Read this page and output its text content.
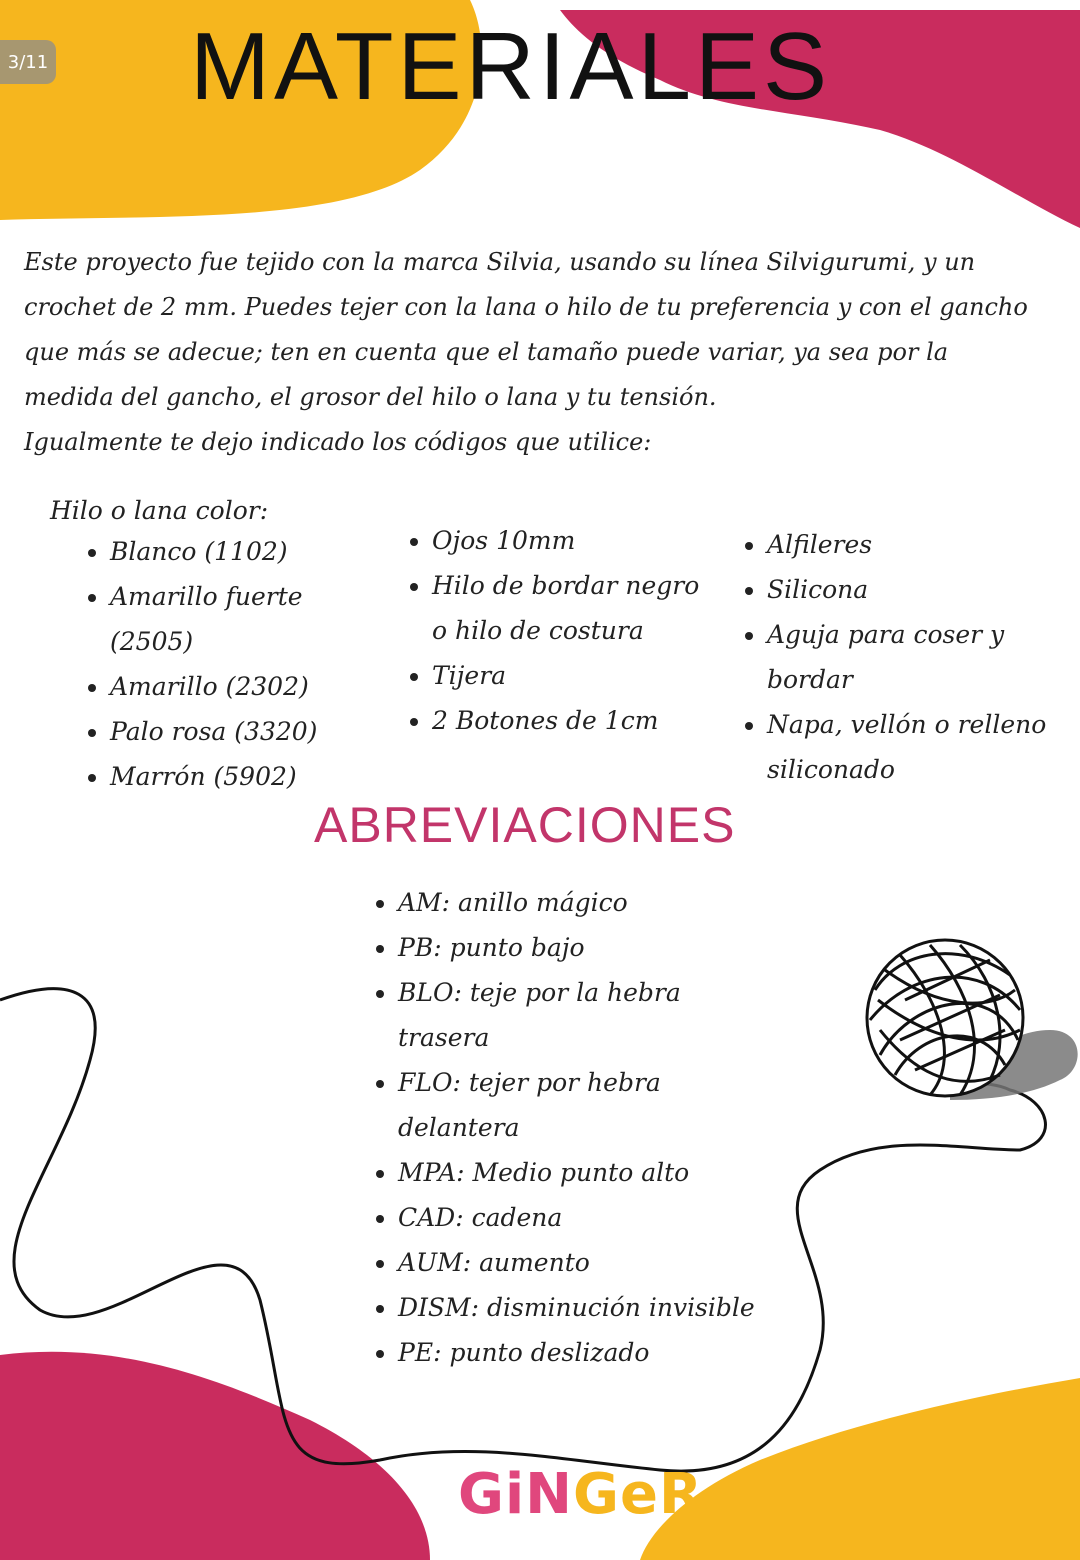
3/11 MATERIALES

Este proyecto fue tejido con la marca Silvia, usando su línea Silvigurumi, y un crochet de 2 mm. Puedes tejer con la lana o hilo de tu preferencia y con el gancho que más se adecue; ten en cuenta que el tamaño puede variar, ya sea por la medida del gancho, el grosor del hilo o lana y tu tensión.

Igualmente te dejo indicado los códigos que utilice:

Hilo o lana color:
• Blanco (1102)
• Amarillo fuerte (2505)
• Amarillo (2302)
• Palo rosa (3320)
• Marrón (5902)
• Ojos 10mm
• Hilo de bordar negro o hilo de costura
• Tijera
• 2 Botones de 1cm
• Alfileres
• Silicona
• Aguja para coser y bordar
• Napa, vellón o relleno siliconado
ABREVIACIONES
• AM: anillo mágico
• PB: punto bajo
• BLO: teje por la hebra trasera
• FLO: tejer por hebra delantera
• MPA: Medio punto alto
• CAD: cadena
• AUM: aumento
• DISM: disminución invisible
• PE: punto deslizado
GiNGeR
